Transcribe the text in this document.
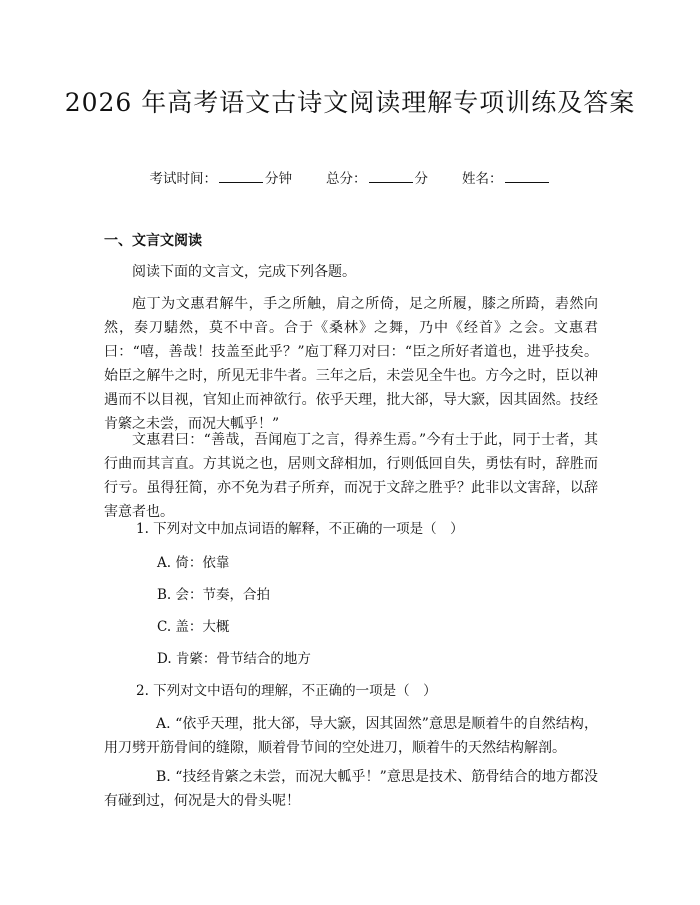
2026 年高考语文古诗文阅读理解专项训练及答案
考试时间：	分钟	总分：	分	姓名：
一、文言文阅读

阅读下面的文言文，完成下列各题。

庖丁为文惠君解牛，手之所触，肩之所倚，足之所履，膝之所踦，砉然向然，奏刀騞然，莫不中音。合于《桑林》之舞，乃中《经首》之会。文惠君曰：“嘻，善哉！技盖至此乎？”庖丁释刀对曰：“臣之所好者道也，进乎技矣。始臣之解牛之时，所见无非牛者。三年之后，未尝见全牛也。方今之时，臣以神遇而不以目视，官知止而神欲行。依乎天理，批大郤，导大窾，因其固然。技经肯綮之未尝，而况大軱乎！”

文惠君曰：“善哉，吾闻庖丁之言，得养生焉。”今有士于此，同于士者，其行曲而其言直。方其说之也，居则文辞相加，行则低回自失，勇怯有时，辞胜而行亏。虽得狂简，亦不免为君子所弃，而况于文辞之胜乎？此非以文害辞，以辞害意者也。

1. 下列对文中加点词语的解释，不正确的一项是（　）
A. 倚：依靠
B. 会：节奏，合拍
C. 盖：大概
D. 肯綮：骨节结合的地方
2. 下列对文中语句的理解，不正确的一项是（　）

A. “依乎天理，批大郤，导大窾，因其固然”意思是顺着牛的自然结构，用刀劈开筋骨间的缝隙，顺着骨节间的空处进刀，顺着牛的天然结构解剖。

B. “技经肯綮之未尝，而况大軱乎！”意思是技术、筋骨结合的地方都没有碰到过，何况是大的骨头呢！
